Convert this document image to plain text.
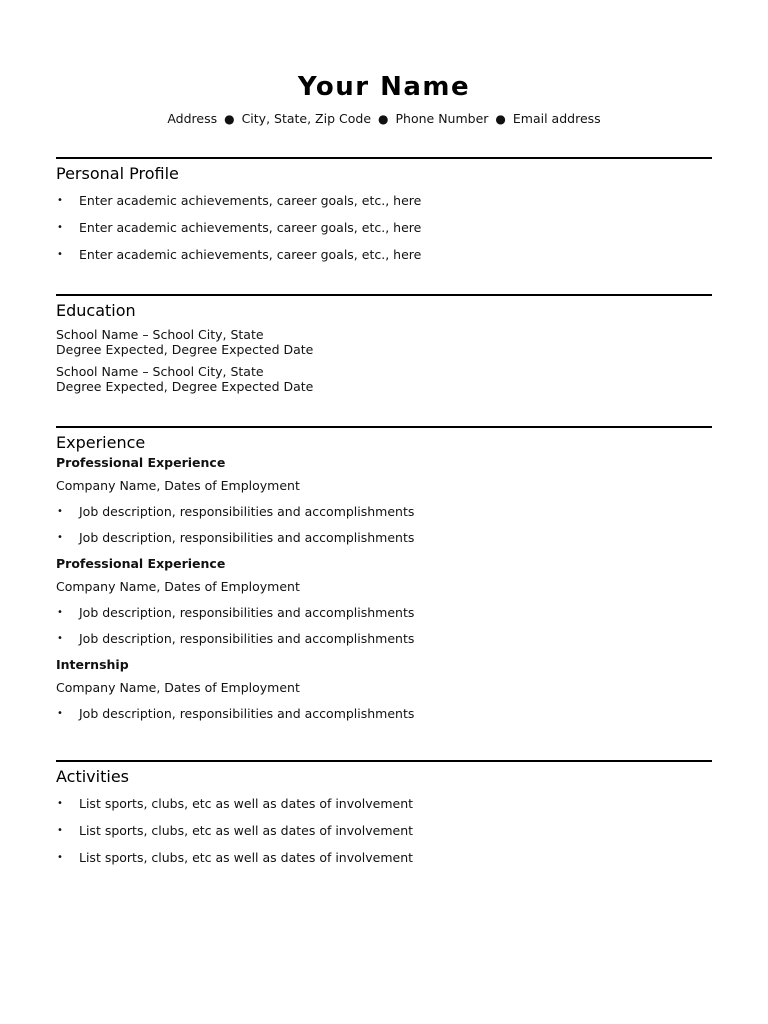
Your Name
Address ● City, State, Zip Code ● Phone Number ● Email address
Personal Profile
• Enter academic achievements, career goals, etc., here
• Enter academic achievements, career goals, etc., here
• Enter academic achievements, career goals, etc., here
Education
School Name – School City, State
Degree Expected, Degree Expected Date
School Name – School City, State
Degree Expected, Degree Expected Date
Experience
Professional Experience
Company Name, Dates of Employment
• Job description, responsibilities and accomplishments
• Job description, responsibilities and accomplishments
Professional Experience
Company Name, Dates of Employment
• Job description, responsibilities and accomplishments
• Job description, responsibilities and accomplishments
Internship
Company Name, Dates of Employment
• Job description, responsibilities and accomplishments
Activities
• List sports, clubs, etc as well as dates of involvement
• List sports, clubs, etc as well as dates of involvement
• List sports, clubs, etc as well as dates of involvement
